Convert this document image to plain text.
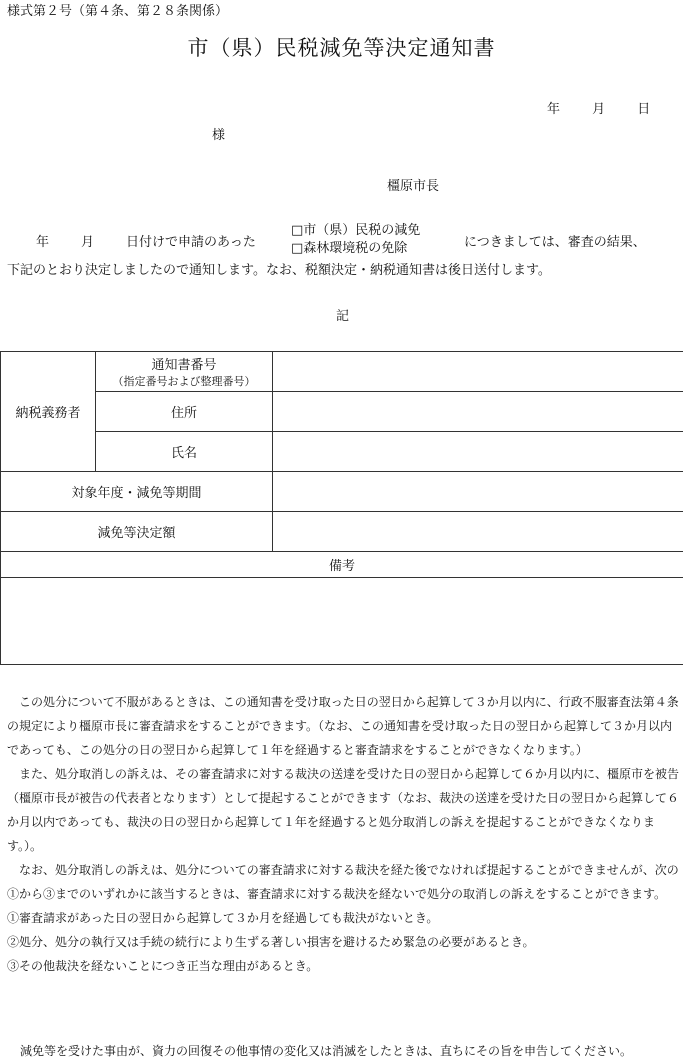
様式第２号（第４条、第２８条関係）
市（県）民税減免等決定通知書
年 月 日
様
橿原市長
年 月 日付けで申請のあった
□市（県）民税の減免
□森林環境税の免除	につきましては、審査の結果、
下記のとおり決定しましたので通知します。なお、税額決定・納税通知書は後日送付します。
記
納税義務者	通知書番号
（指定番号および整理番号）	

	住所	
	氏名	
対象年度・減免等期間		
減免等決定額		
備考		

　この処分について不服があるときは、この通知書を受け取った日の翌日から起算して３か月以内に、行政不服審査法第４条の規定により橿原市長に審査請求をすることができます。（なお、この通知書を受け取った日の翌日から起算して３か月以内であっても、この処分の日の翌日から起算して１年を経過すると審査請求をすることができなくなります。）

　また、処分取消しの訴えは、その審査請求に対する裁決の送達を受けた日の翌日から起算して６か月以内に、橿原市を被告（橿原市長が被告の代表者となります）として提起することができます（なお、裁決の送達を受けた日の翌日から起算して６か月以内であっても、裁決の日の翌日から起算して１年を経過すると処分取消しの訴えを提起することができなくなります。）。

　なお、処分取消しの訴えは、処分についての審査請求に対する裁決を経た後でなければ提起することができませんが、次の①から③までのいずれかに該当するときは、審査請求に対する裁決を経ないで処分の取消しの訴えをすることができます。

①審査請求があった日の翌日から起算して３か月を経過しても裁決がないとき。

②処分、処分の執行又は手続の続行により生ずる著しい損害を避けるため緊急の必要があるとき。

③その他裁決を経ないことにつき正当な理由があるとき。

減免等を受けた事由が、資力の回復その他事情の変化又は消滅をしたときは、直ちにその旨を申告してください。
